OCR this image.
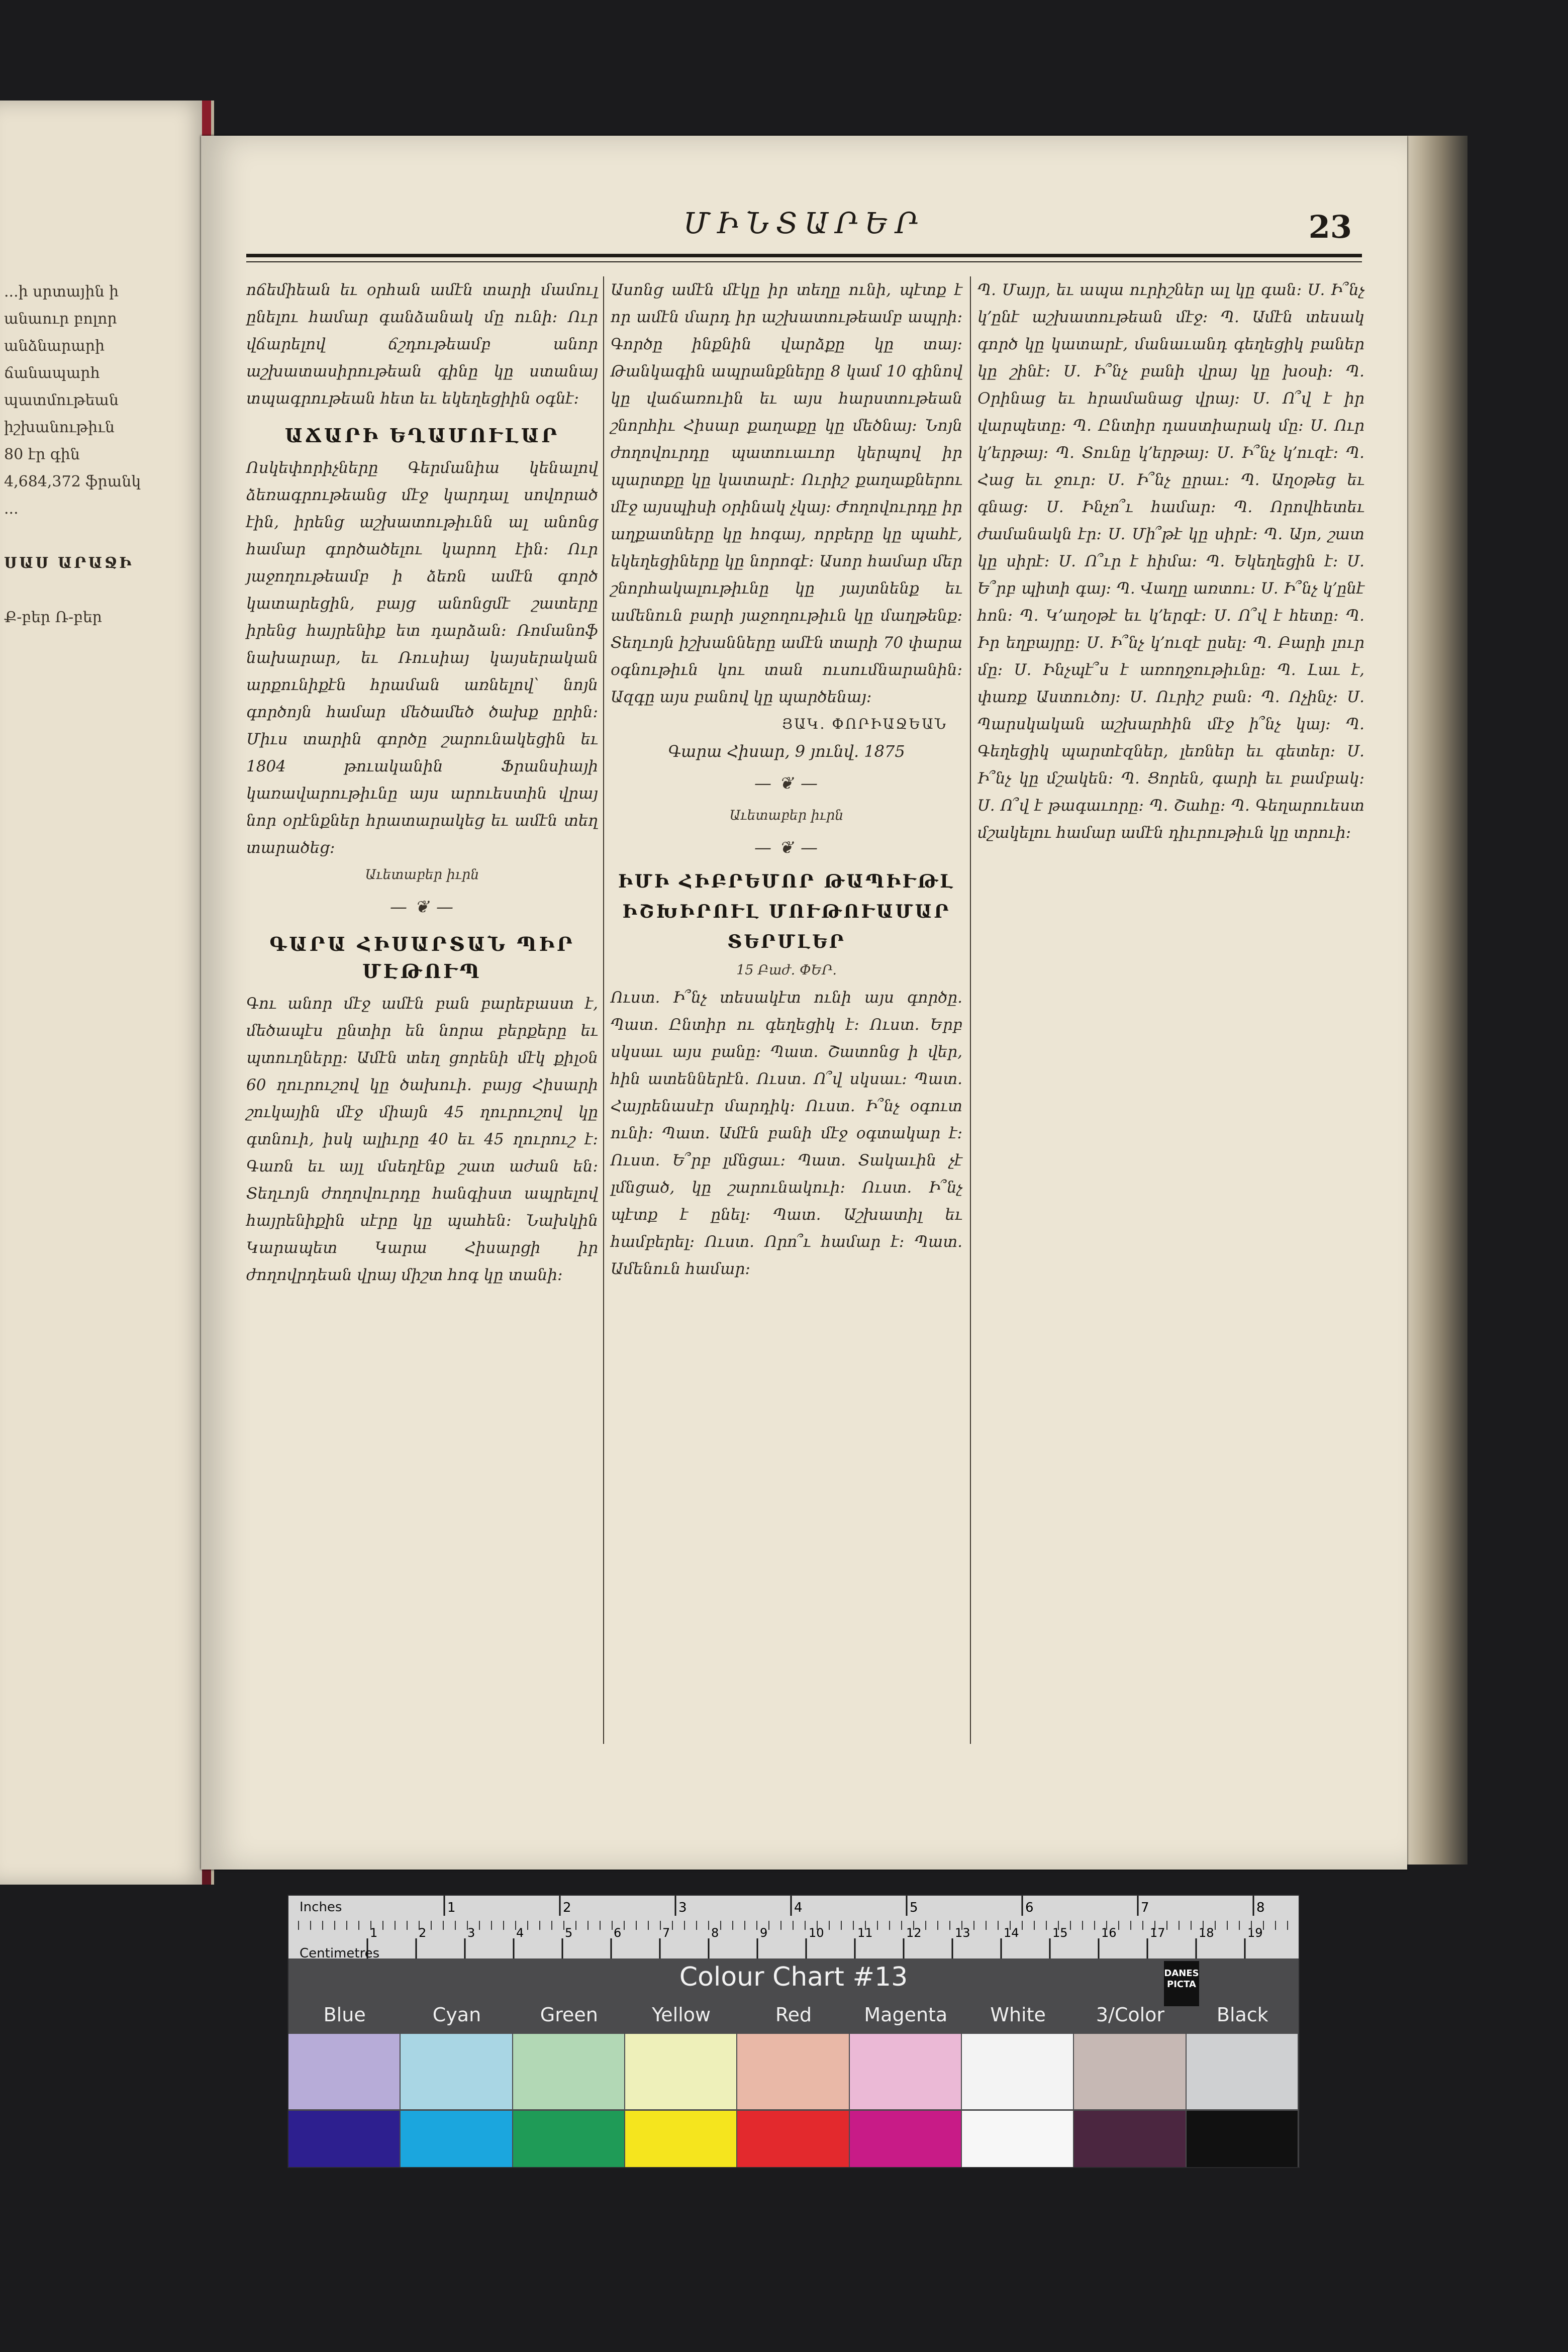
...ի սրտային ի
անաուր բոլոր
անձնարարի
ճանապարհ
պատմութեան
իշխանութիւն
80 էր գին
4,684,372 ֆրանկ
...

ՍԱՍ ԱՐԱՋԻ

Ք-բեր Ռ-բեր

ՄԻՆՏԱՐԵՐ	23

ոճեմիեան եւ օրհան ամէն տարի մամուլ ընելու համար գանձանակ մը ունի։ Ուր վճարելով ճշդութեամբ անոր աշխատասիրութեան գինը կը ստանայ տպագրութեան հետ եւ եկեղեցիին օգնէ։

ԱՃԱՐԻ ԵՂԱՄՈՒԼԱՐ

Ոսկեփորիչները Գերմանիա կենալով ձեռագրութեանց մէջ կարդալ սովորած էին, իրենց աշխատութիւնն ալ անոնց համար գործածելու կարող էին։ Ուր յաջողութեամբ ի ձեռն ամէն գործ կատարեցին, բայց անոնցմէ շատերը իրենց հայրենիք ետ դարձան։ Ռոմանոֆ նախարար, եւ Ռուսիայ կայսերական արքունիքէն հրաման առնելով՝ նոյն գործոյն համար մեծամեծ ծախք ըրին։ Միւս տարին գործը շարունակեցին եւ 1804 թուականին Ֆրանսիայի կառավարութիւնը այս արուեստին վրայ նոր օրէնքներ հրատարակեց եւ ամէն տեղ տարածեց։

Աւետաբեր իւրն
— ❦ —
ԳԱՐԱ ՀԻՍԱՐՏԱՆ ՊԻՐ ՄԷԹՈՒՊ

Գու անոր մէջ ամէն բան բարեբաստ է, մեծապէս ընտիր են նորա բերքերը եւ պտուղները։ Ամէն տեղ ցորենի մէկ քիլօն 60 ղուրուշով կը ծախուի. բայց Հիսարի շուկային մէջ միայն 45 ղուրուշով կը գտնուի, իսկ ալիւրը 40 եւ 45 ղուրուշ է։ Գառն եւ այլ մսեղէնք շատ աժան են։ Տեղւոյն ժողովուրդը հանգիստ ապրելով հայրենիքին սէրը կը պահեն։ Նախկին Կարապետ Կարա Հիսարցի իր ժողովրդեան վրայ միշտ հոգ կը տանի։

Ասոնց ամէն մէկը իր տեղը ունի, պէտք է որ ամէն մարդ իր աշխատութեամբ ապրի։ Գործը ինքնին վարձքը կը տայ։ Թանկագին ապրանքները 8 կամ 10 գինով կը վաճառուին եւ այս հարստութեան շնորհիւ Հիսար քաղաքը կը մեծնայ։ Նոյն ժողովուրդը պատուաւոր կերպով իր պարտքը կը կատարէ։ Ուրիշ քաղաքներու մէջ այսպիսի օրինակ չկայ։ Ժողովուրդը իր աղքատները կը հոգայ, որբերը կը պահէ, եկեղեցիները կը նորոգէ։ Ասոր համար մեր շնորհակալութիւնը կը յայտնենք եւ ամենուն բարի յաջողութիւն կը մաղթենք։ Տեղւոյն իշխանները ամէն տարի 70 փարա օգնութիւն կու տան ուսումնարանին։ Ազգը այս բանով կը պարծենայ։

ՅԱԿ. ՓՈՐԻԱՋԵԱՆ
Գարա Հիսար, 9 յունվ. 1875
— ❦ —
Աւետաբեր իւրն
— ❦ —
ԻՄԻ ՀԻԲՐԵՄՈՐ ԹԱՊԻՒԹԼ ԻՇԽԻՐՈՒԼ ՄՈՒԹՈՒԱՄԱՐ ՏԵՐՄԼԵՐ
15 Բաժ. ՓԵՐ.

Ուստ. Ի՞նչ տեսակէտ ունի այս գործը. Պատ. Ընտիր ու գեղեցիկ է։ Ուստ. Երբ սկսաւ այս բանը։ Պատ. Շատոնց ի վեր, հին ատեններէն. Ուստ. Ո՞վ սկսաւ։ Պատ. Հայրենասէր մարդիկ։ Ուստ. Ի՞նչ օգուտ ունի։ Պատ. Ամէն բանի մէջ օգտակար է։ Ուստ. Ե՞րբ լմնցաւ։ Պատ. Տակաւին չէ լմնցած, կը շարունակուի։ Ուստ. Ի՞նչ պէտք է ընել։ Պատ. Աշխատիլ եւ համբերել։ Ուստ. Որո՞ւ համար է։ Պատ. Ամենուն համար։

Պ. Մայր, եւ ապա ուրիշներ ալ կը գան։ Ս. Ի՞նչ կ՚ընէ աշխատութեան մէջ։ Պ. Ամէն տեսակ գործ կը կատարէ, մանաւանդ գեղեցիկ բաներ կը շինէ։ Ս. Ի՞նչ բանի վրայ կը խօսի։ Պ. Օրինաց եւ հրամանաց վրայ։ Ս. Ո՞վ է իր վարպետը։ Պ. Ընտիր դաստիարակ մը։ Ս. Ուր կ՚երթայ։ Պ. Տունը կ՚երթայ։ Ս. Ի՞նչ կ՚ուզէ։ Պ. Հաց եւ ջուր։ Ս. Ի՞նչ ըրաւ։ Պ. Աղօթեց եւ գնաց։ Ս. Ինչո՞ւ համար։ Պ. Որովհետեւ ժամանակն էր։ Ս. Մի՞թէ կը սիրէ։ Պ. Այո, շատ կը սիրէ։ Ս. Ո՞ւր է հիմա։ Պ. Եկեղեցին է։ Ս. Ե՞րբ պիտի գայ։ Պ. Վաղը առտու։ Ս. Ի՞նչ կ՚ընէ հոն։ Պ. Կ՚աղօթէ եւ կ՚երգէ։ Ս. Ո՞վ է հետը։ Պ. Իր եղբայրը։ Ս. Ի՞նչ կ՚ուզէ ըսել։ Պ. Բարի լուր մը։ Ս. Ինչպէ՞ս է առողջութիւնը։ Պ. Լաւ է, փառք Աստուծոյ։ Ս. Ուրիշ բան։ Պ. Ոչինչ։ Ս. Պարսկական աշխարհին մէջ ի՞նչ կայ։ Պ. Գեղեցիկ պարտէզներ, լեռներ եւ գետեր։ Ս. Ի՞նչ կը մշակեն։ Պ. Ցորեն, գարի եւ բամբակ։ Ս. Ո՞վ է թագաւորը։ Պ. Շահը։ Պ. Գեղարուեստ մշակելու համար ամէն դիւրութիւն կը տրուի։

1	2	3	4	5	6	7	8
1	2	3	4	5	6	7	8	9	10	11	12	13	14	15	16	17	18	19
Inches
Centimetres
Colour Chart #13	DANES PICTA
Blue	Cyan	Green	Yellow	Red	Magenta	White	3/Color	Black
